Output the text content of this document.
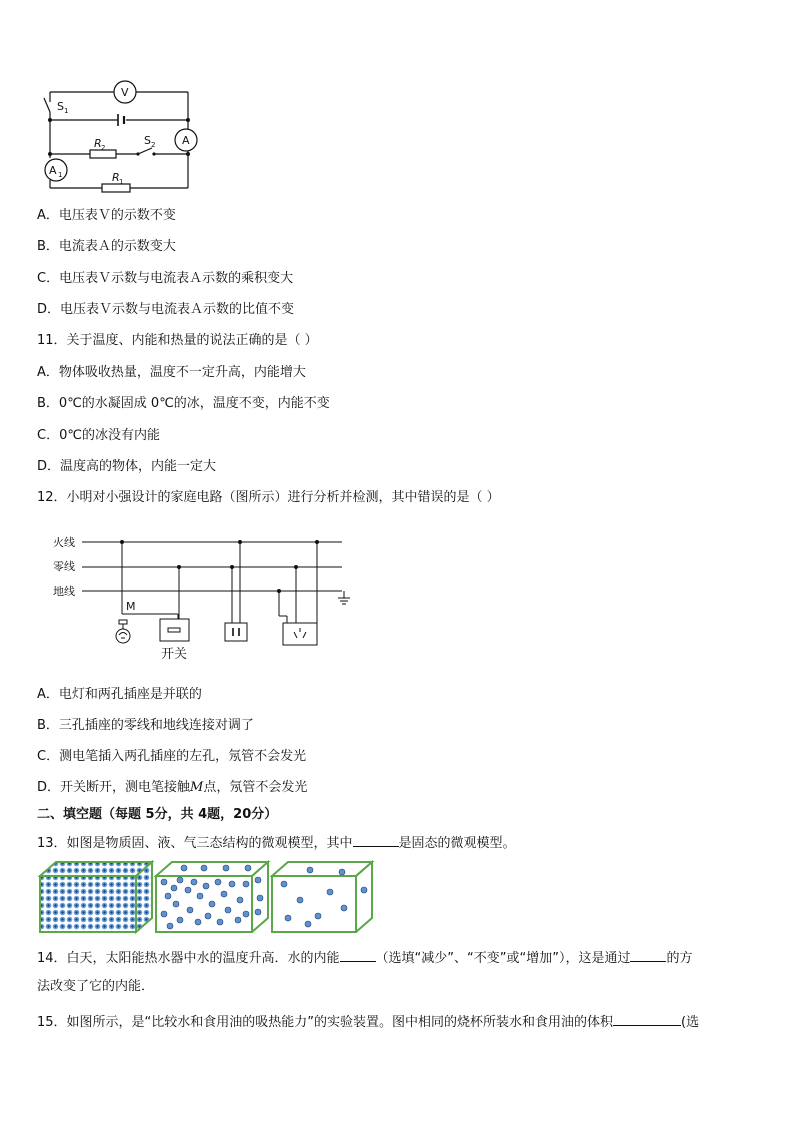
V
A
A 1
S 1
R 2
S 2
R 1
A．电压表Ｖ的示数不变
B．电流表Ａ的示数变大
C．电压表Ｖ示数与电流表Ａ示数的乘积变大
D．电压表Ｖ示数与电流表Ａ示数的比值不变
11．关于温度、内能和热量的说法正确的是（ ）
A．物体吸收热量，温度不一定升高，内能增大
B．0℃的水凝固成 0℃的冰，温度不变，内能不变
C．0℃的冰没有内能
D．温度高的物体，内能一定大
12．小明对小强设计的家庭电路（图所示）进行分析并检测，其中错误的是（ ）
火线
零线
地线
M
开关
A．电灯和两孔插座是并联的
B．三孔插座的零线和地线连接对调了
C．测电笔插入两孔插座的左孔，氖管不会发光
D．开关断开，测电笔接触M点，氖管不会发光
二、填空题（每题 5分，共 4题，20分）
13．如图是物质固、液、气三态结构的微观模型，其中	是固态的微观模型。
14．白天，太阳能热水器中水的温度升高．水的内能	（选填“减少”、“不变”或“增加”），这是通过	的方
法改变了它的内能．
15．如图所示，是“比较水和食用油的吸热能力”的实验装置。图中相同的烧杯所装水和食用油的体积	(选
